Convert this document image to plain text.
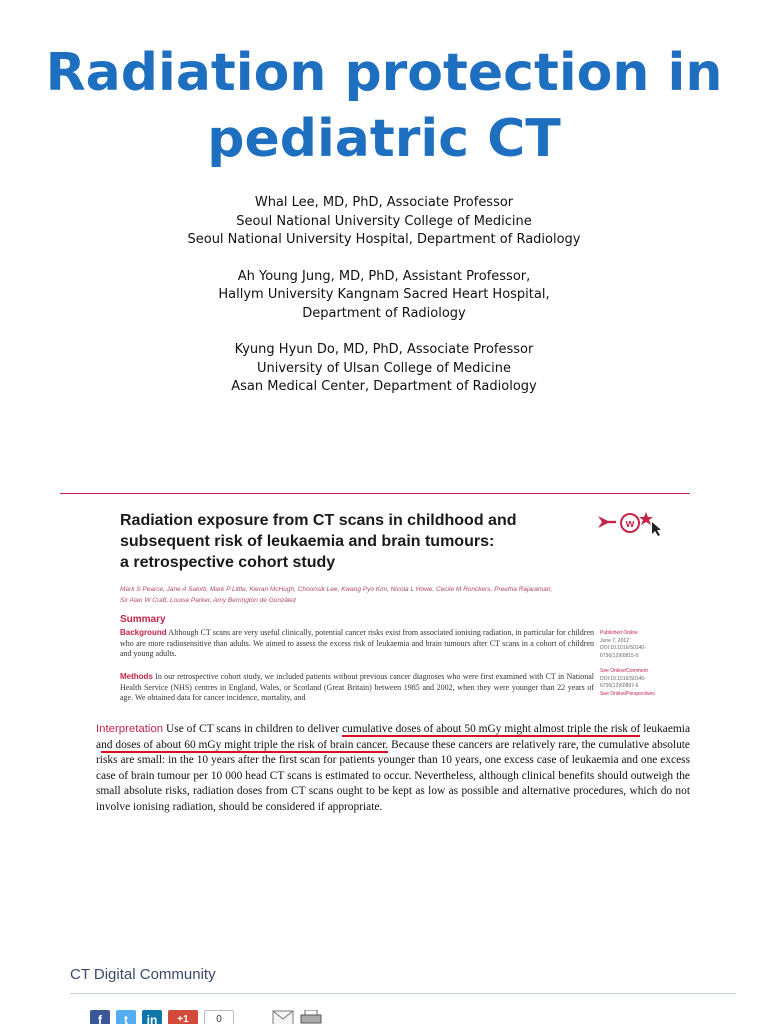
Radiation protection in
pediatric CT
Whal Lee, MD, PhD, Associate Professor
Seoul National University College of Medicine
Seoul National University Hospital, Department of Radiology
Ah Young Jung, MD, PhD, Assistant Professor,
Hallym University Kangnam Sacred Heart Hospital,
Department of Radiology
Kyung Hyun Do, MD, PhD, Associate Professor
University of Ulsan College of Medicine
Asan Medical Center, Department of Radiology
Radiation exposure from CT scans in childhood and
subsequent risk of leukaemia and brain tumours:
a retrospective cohort study
w
Mark S Pearce, Jane A Salotti, Mark P Little, Kieran McHugh, Choonsik Lee, Kwang Pyo Kim, Nicola L Howe, Cecile M Ronckers, Preetha Rajaraman,
Sir Alan W Craft, Louise Parker, Amy Berrington de González
Summary
Background Although CT scans are very useful clinically, potential cancer risks exist from associated ionising radiation, in particular for children who are more radiosensitive than adults. We aimed to assess the excess risk of leukaemia and brain tumours after CT scans in a cohort of children and young adults.
Methods In our retrospective cohort study, we included patients without previous cancer diagnoses who were first examined with CT in National Health Service (NHS) centres in England, Wales, or Scotland (Great Britain) between 1985 and 2002, when they were younger than 22 years of age. We obtained data for cancer incidence, mortality, and
Published Online
June 7, 2012
DOI:10.1016/S0140-
6736(12)60815-0
See Online/Comment
DOI:10.1016/S0140-
6736(12)60897-6
See Online/Perspectives
Interpretation Use of CT scans in children to deliver cumulative doses of about 50 mGy might almost triple the risk of leukaemia and doses of about 60 mGy might triple the risk of brain cancer. Because these cancers are relatively rare, the cumulative absolute risks are small: in the 10 years after the first scan for patients younger than 10 years, one excess case of leukaemia and one excess case of brain tumour per 10 000 head CT scans is estimated to occur. Nevertheless, although clinical benefits should outweigh the small absolute risks, radiation doses from CT scans ought to be kept as low as possible and alternative procedures, which do not involve ionising radiation, should be considered if appropriate.
CT Digital Community
f	t	in	+1	0
